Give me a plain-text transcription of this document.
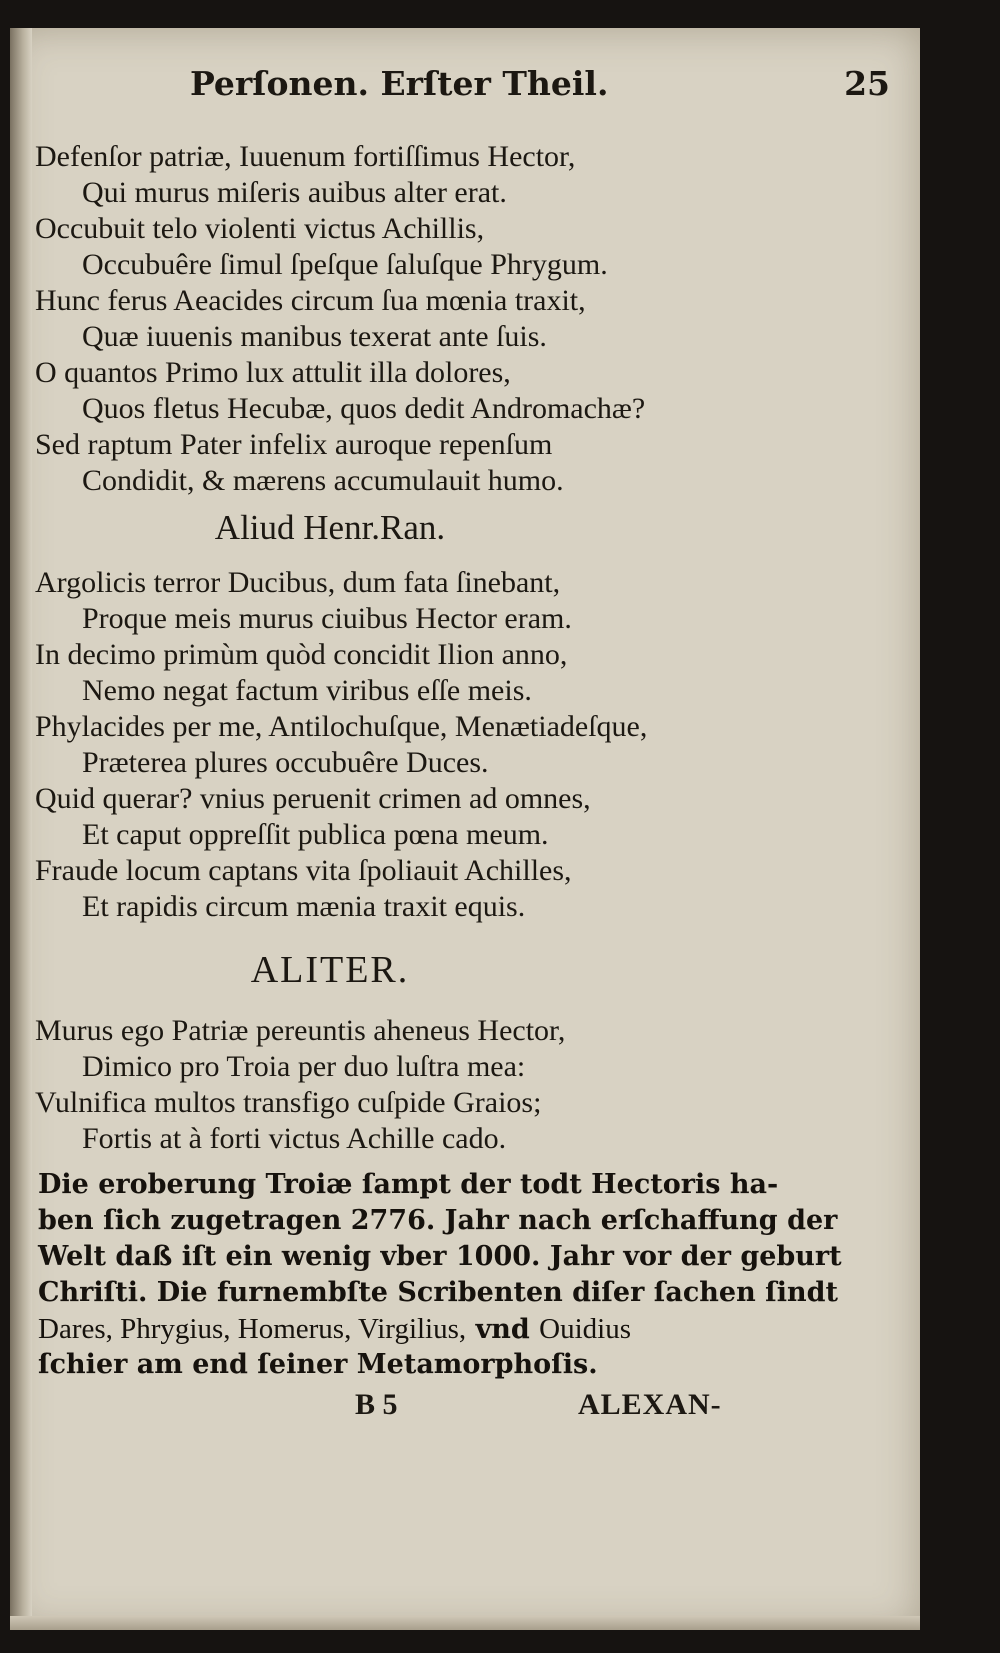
Perſonen. Erſter Theil.	25
Defenſor patriæ, Iuuenum fortiſſimus Hector,
Qui murus miſeris auibus alter erat.
Occubuit telo violenti victus Achillis,
Occubuêre ſimul ſpeſque ſaluſque Phrygum.
Hunc ferus Aeacides circum ſua mœnia traxit,
Quæ iuuenis manibus texerat ante ſuis.
O quantos Primo lux attulit illa dolores,
Quos fletus Hecubæ, quos dedit Andromachæ?
Sed raptum Pater infelix auroque repenſum
Condidit, & mærens accumulauit humo.
Aliud Henr.Ran.
Argolicis terror Ducibus, dum fata ſinebant,
Proque meis murus ciuibus Hector eram.
In decimo primùm quòd concidit Ilion anno,
Nemo negat factum viribus eſſe meis.
Phylacides per me, Antilochuſque, Menætiadeſque,
Præterea plures occubuêre Duces.
Quid querar? vnius peruenit crimen ad omnes,
Et caput oppreſſit publica pœna meum.
Fraude locum captans vita ſpoliauit Achilles,
Et rapidis circum mænia traxit equis.
ALITER.
Murus ego Patriæ pereuntis aheneus Hector,
Dimico pro Troia per duo luſtra mea:
Vulnifica multos transfigo cuſpide Graios;
Fortis at à forti victus Achille cado.
Die eroberung Troiæ ſampt der todt Hectoris ha-
ben ſich zugetragen 2776. Jahr nach erſchaffung der
Welt daß iſt ein wenig vber 1000. Jahr vor der geburt
Chriſti. Die furnembſte Scribenten diſer ſachen ſindt
Dares, Phrygius, Homerus, Virgilius, vnd Ouidius
ſchier am end ſeiner Metamorphoſis.
B 5	ALEXAN-
